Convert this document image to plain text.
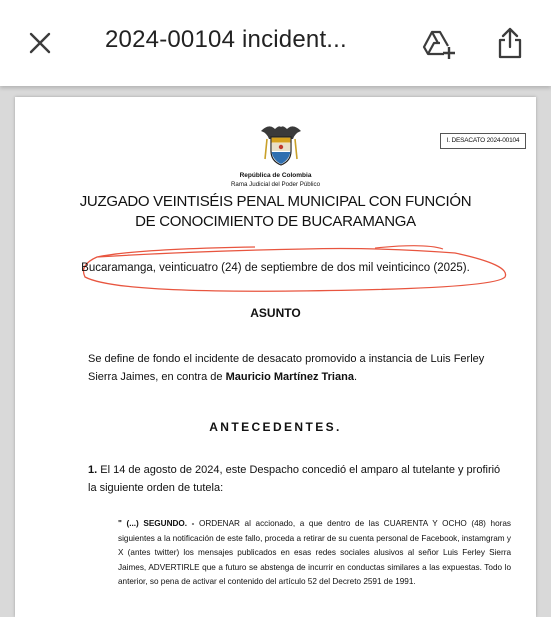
2024-00104 incident...
I. DESACATO 2024-00104
República de Colombia
Rama Judicial del Poder Público
JUZGADO VEINTISÉIS PENAL MUNICIPAL CON FUNCIÓN
DE CONOCIMIENTO DE BUCARAMANGA
Bucaramanga, veinticuatro (24) de septiembre de dos mil veinticinco (2025).
ASUNTO
Se define de fondo el incidente de desacato promovido a instancia de Luis Ferley Sierra Jaimes, en contra de Mauricio Martínez Triana.
ANTECEDENTES.
1. El 14 de agosto de 2024, este Despacho concedió el amparo al tutelante y profirió la siguiente orden de tutela:
" (...) SEGUNDO. - ORDENAR al accionado, a que dentro de las CUARENTA Y OCHO (48) horas siguientes a la notificación de este fallo, proceda a retirar de su cuenta personal de Facebook, instamgram y X (antes twitter) los mensajes publicados en esas redes sociales alusivos al señor Luis Ferley Sierra Jaimes, ADVERTIRLE que a futuro se abstenga de incurrir en conductas similares a las expuestas. Todo lo anterior, so pena de activar el contenido del artículo 52 del Decreto 2591 de 1991.
